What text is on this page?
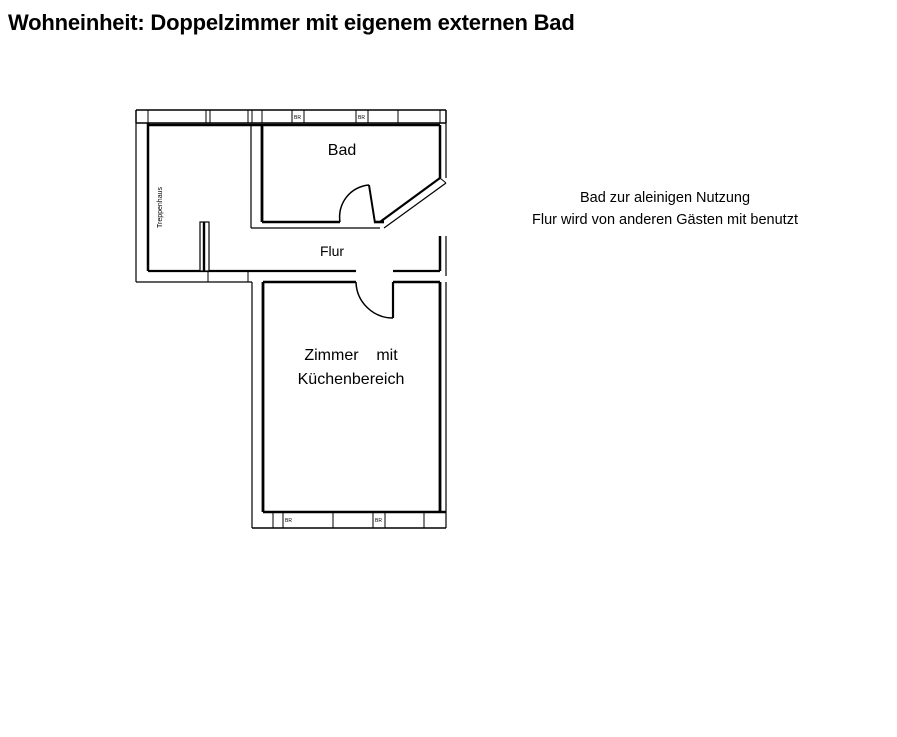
Wohneinheit: Doppelzimmer mit eigenem externen Bad
Bad zur aleinigen Nutzung
Flur wird von anderen Gästen mit benutzt
BR	BR
Treppenhaus
Bad
Flur
BR	BR
Zimmer    mit
Küchenbereich
